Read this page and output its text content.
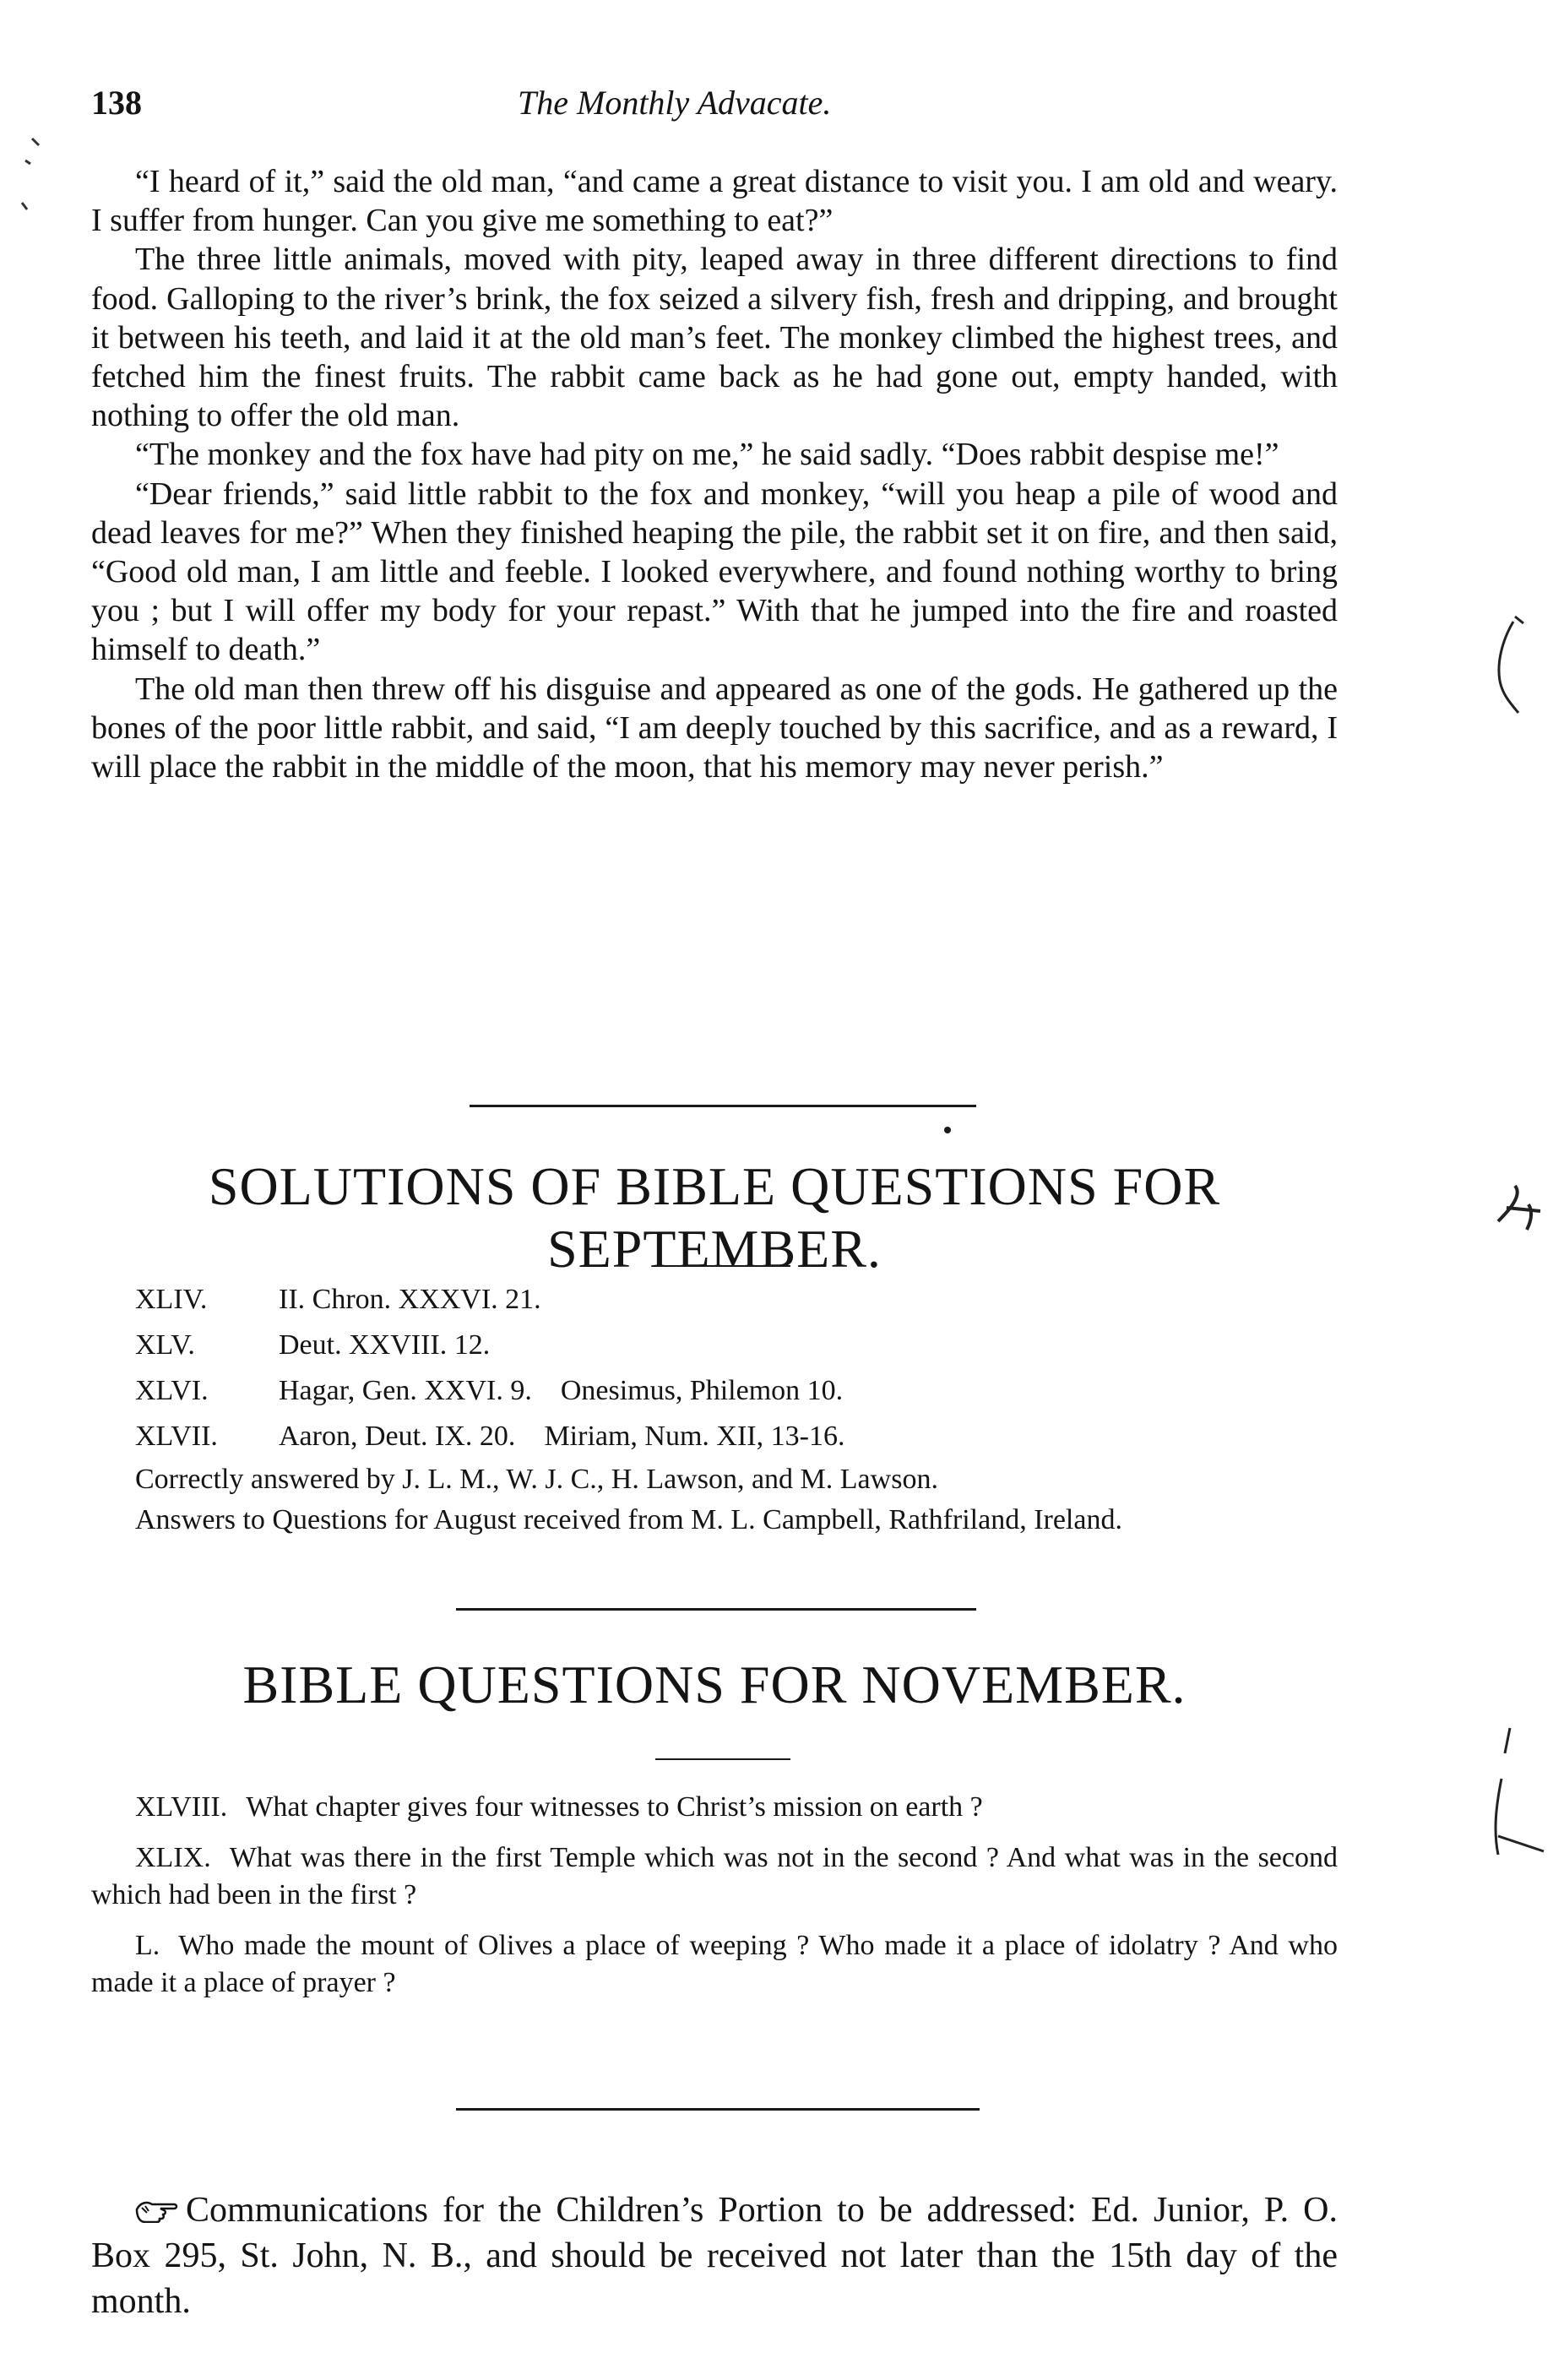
138	The Monthly Advacate.

“I heard of it,” said the old man, “and came a great distance to visit you. I am old and weary. I suffer from hunger. Can you give me something to eat?”

The three little animals, moved with pity, leaped away in three different directions to find food. Galloping to the river’s brink, the fox seized a silvery fish, fresh and dripping, and brought it between his teeth, and laid it at the old man’s feet. The monkey climbed the highest trees, and fetched him the finest fruits. The rabbit came back as he had gone out, empty handed, with nothing to offer the old man.

“The monkey and the fox have had pity on me,” he said sadly. “Does rabbit despise me!”

“Dear friends,” said little rabbit to the fox and monkey, “will you heap a pile of wood and dead leaves for me?” When they finished heaping the pile, the rabbit set it on fire, and then said, “Good old man, I am little and feeble. I looked everywhere, and found nothing worthy to bring you ; but I will offer my body for your repast.” With that he jumped into the fire and roasted himself to death.”

The old man then threw off his disguise and appeared as one of the gods. He gathered up the bones of the poor little rabbit, and said, “I am deeply touched by this sacrifice, and as a reward, I will place the rabbit in the middle of the moon, that his memory may never perish.”

SOLUTIONS OF BIBLE QUESTIONS FOR SEPTEMBER.
XLIV. II. Chron. XXXVI. 21.
XLV.	Deut. XXVIII. 12.
XLVI. Hagar, Gen. XXVI. 9. Onesimus, Philemon 10.
XLVII. Aaron, Deut. IX. 20. Miriam, Num. XII, 13-16.
Correctly answered by J. L. M., W. J. C., H. Lawson, and M. Lawson.
Answers to Questions for August received from M. L. Campbell, Rathfriland, Ireland.
BIBLE QUESTIONS FOR NOVEMBER.

XLVIII. What chapter gives four witnesses to Christ’s mission on earth ?

XLIX. What was there in the first Temple which was not in the second ? And what was in the second which had been in the first ?

L. Who made the mount of Olives a place of weeping ? Who made it a place of idolatry ? And who made it a place of prayer ?

Communications for the Children’s Portion to be addressed: Ed. Junior, P. O. Box 295, St. John, N. B., and should be received not later than the 15th day of the month.
